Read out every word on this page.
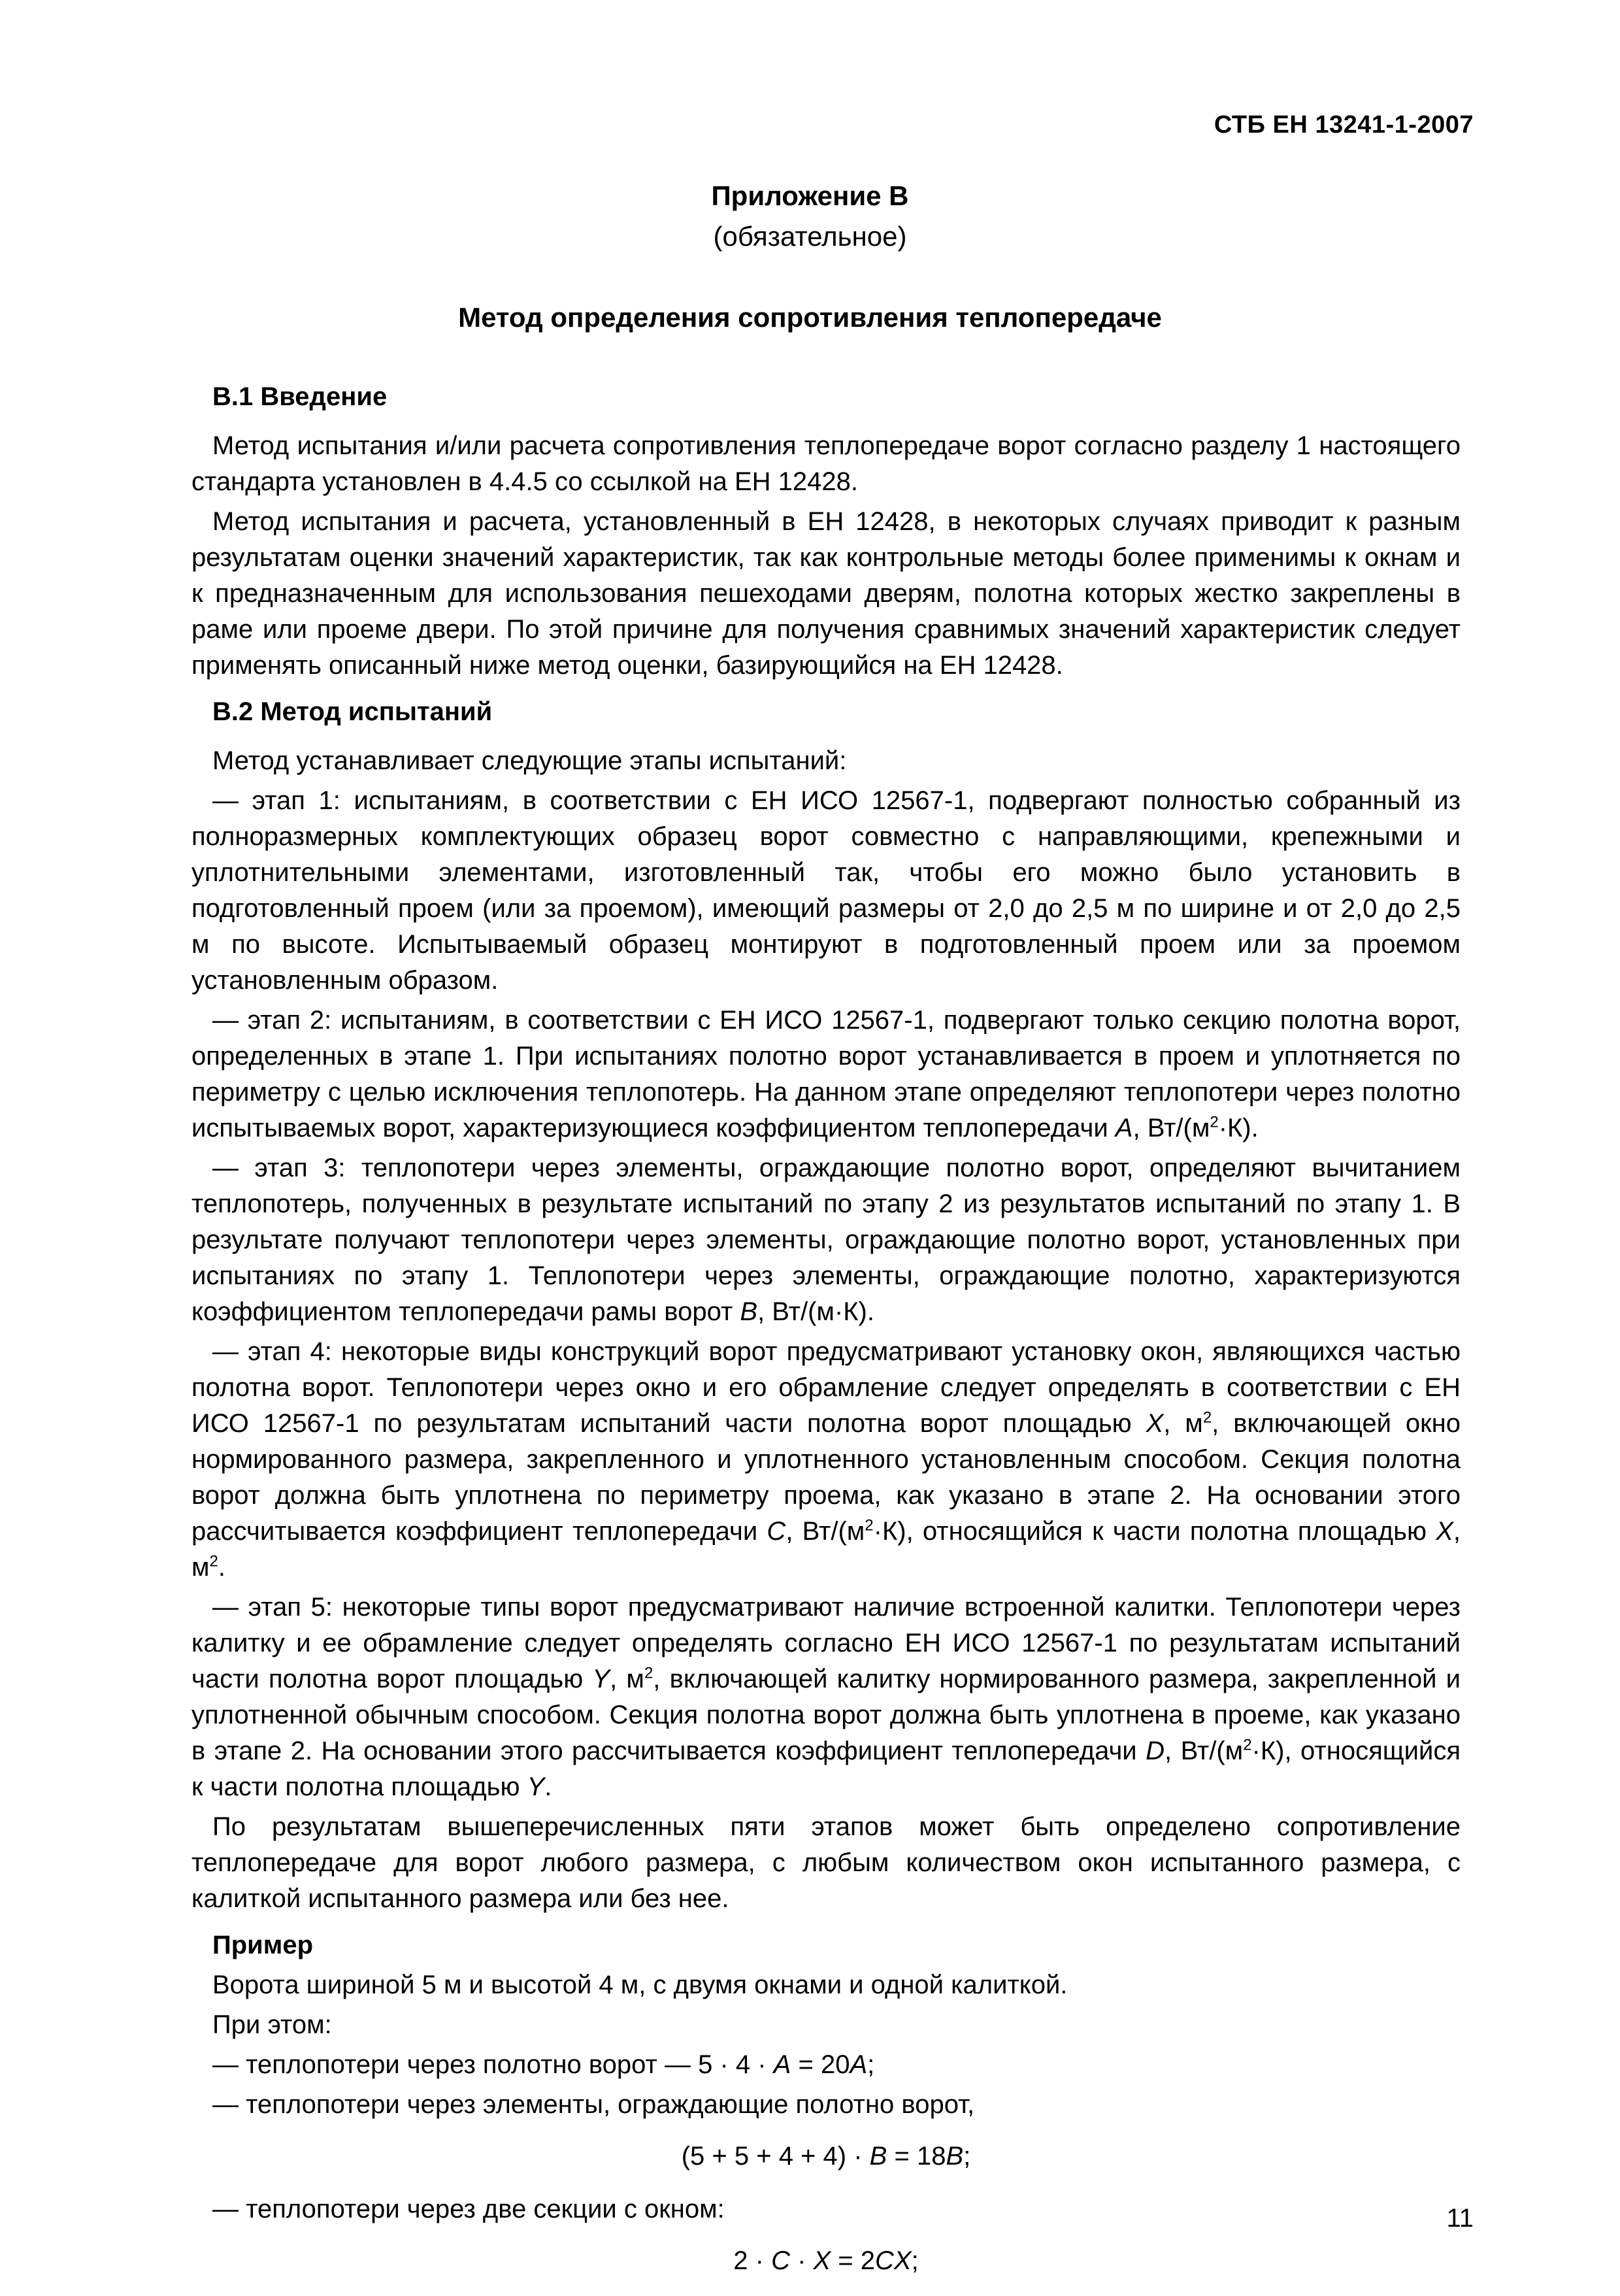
СТБ ЕН 13241-1-2007
Приложение В
(обязательное)
Метод определения сопротивления теплопередаче
В.1 Введение

Метод испытания и/или расчета сопротивления теплопередаче ворот согласно разделу 1 настоящего стандарта установлен в 4.4.5 со ссылкой на ЕН 12428.

Метод испытания и расчета, установленный в ЕН 12428, в некоторых случаях приводит к разным результатам оценки значений характеристик, так как контрольные методы более применимы к окнам и к предназначенным для использования пешеходами дверям, полотна которых жестко закреплены в раме или проеме двери. По этой причине для получения сравнимых значений характеристик следует применять описанный ниже метод оценки, базирующийся на ЕН 12428.

В.2 Метод испытаний

Метод устанавливает следующие этапы испытаний:

— этап 1: испытаниям, в соответствии с ЕН ИСО 12567-1, подвергают полностью собранный из полноразмерных комплектующих образец ворот совместно с направляющими, крепежными и уплотнительными элементами, изготовленный так, чтобы его можно было установить в подготовленный проем (или за проемом), имеющий размеры от 2,0 до 2,5 м по ширине и от 2,0 до 2,5 м по высоте. Испытываемый образец монтируют в подготовленный проем или за проемом установленным образом.

— этап 2: испытаниям, в соответствии с ЕН ИСО 12567-1, подвергают только секцию полотна ворот, определенных в этапе 1. При испытаниях полотно ворот устанавливается в проем и уплотняется по периметру с целью исключения теплопотерь. На данном этапе определяют теплопотери через полотно испытываемых ворот, характеризующиеся коэффициентом теплопередачи A, $Вт/(м^2\cdot К)$.

— этап 3: теплопотери через элементы, ограждающие полотно ворот, определяют вычитанием теплопотерь, полученных в результате испытаний по этапу 2 из результатов испытаний по этапу 1. В результате получают теплопотери через элементы, ограждающие полотно ворот, установленных при испытаниях по этапу 1. Теплопотери через элементы, ограждающие полотно, характеризуются коэффициентом теплопередачи рамы ворот B, Вт/(м·К).

— этап 4: некоторые виды конструкций ворот предусматривают установку окон, являющихся частью полотна ворот. Теплопотери через окно и его обрамление следует определять в соответствии с ЕН ИСО 12567-1 по результатам испытаний части полотна ворот площадью X, $м^2$, включающей окно нормированного размера, закрепленного и уплотненного установленным способом. Секция полотна ворот должна быть уплотнена по периметру проема, как указано в этапе 2. На основании этого рассчитывается коэффициент теплопередачи C, $Вт/(м^2\cdot К)$, относящийся к части полотна площадью X, $м^2$.

— этап 5: некоторые типы ворот предусматривают наличие встроенной калитки. Теплопотери через калитку и ее обрамление следует определять согласно ЕН ИСО 12567-1 по результатам испытаний части полотна ворот площадью Y, $м^2$, включающей калитку нормированного размера, закрепленной и уплотненной обычным способом. Секция полотна ворот должна быть уплотнена в проеме, как указано в этапе 2. На основании этого рассчитывается коэффициент теплопередачи D, $Вт/(м^2\cdot К)$, относящийся к части полотна площадью Y.

По результатам вышеперечисленных пяти этапов может быть определено сопротивление теплопередаче для ворот любого размера, с любым количеством окон испытанного размера, с калиткой испытанного размера или без нее.

Пример

Ворота шириной 5 м и высотой 4 м, с двумя окнами и одной калиткой.

При этом:

— теплопотери через полотно ворот — 5 · 4 · A = 20A;

— теплопотери через элементы, ограждающие полотно ворот,

(5 + 5 + 4 + 4) · B = 18B;

— теплопотери через две секции с окном:

2 · C · X = 2CX;
11
